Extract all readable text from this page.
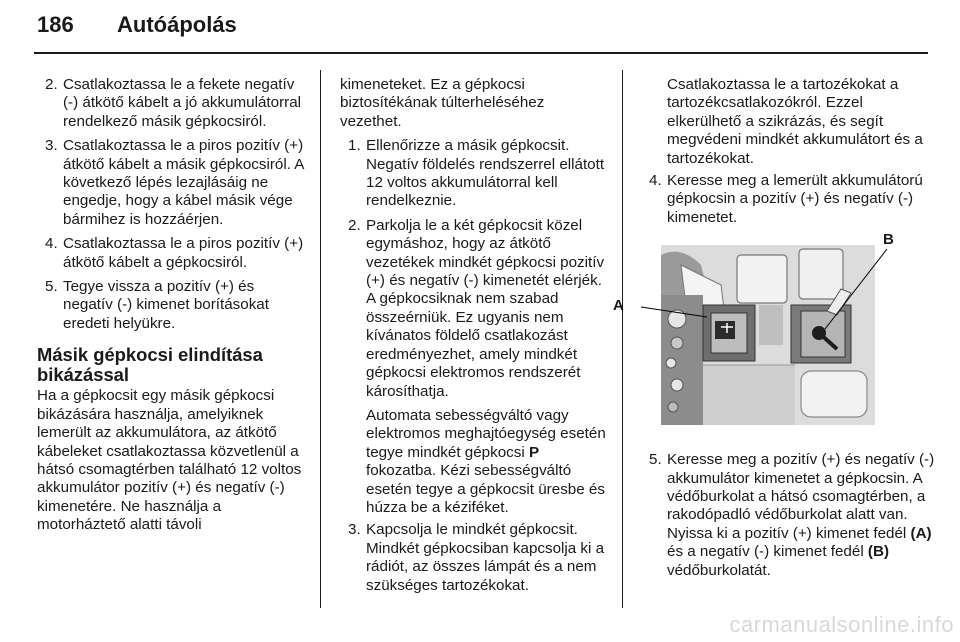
186 Autóápolás
2. Csatlakoztassa le a fekete negatív (-) átkötő kábelt a jó akkumulátorral rendelkező másik gépkocsiról.
3. Csatlakoztassa le a piros pozitív (+) átkötő kábelt a másik gépkocsiról. A következő lépés lezajlásáig ne engedje, hogy a kábel másik vége bármihez is hozzáérjen.
4. Csatlakoztassa le a piros pozitív (+) átkötő kábelt a gépkocsiról.
5. Tegye vissza a pozitív (+) és negatív (-) kimenet borításokat eredeti helyükre.
Másik gépkocsi elindítása bikázással

Ha a gépkocsit egy másik gépkocsi bikázására használja, amelyiknek lemerült az akkumulátora, az átkötő kábeleket csatlakoztassa közvetlenül a hátsó csomagtérben található 12 voltos akkumulátor pozitív (+) és negatív (-) kimenetére. Ne használja a motorháztető alatti távoli

kimeneteket. Ez a gépkocsi biztosítékának túlterheléséhez vezethet.

1. Ellenőrizze a másik gépkocsit. Negatív földelés rendszerrel ellátott 12 voltos akkumulátorral kell rendelkeznie.
2. Parkolja le a két gépkocsit közel egymáshoz, hogy az átkötő vezetékek mindkét gépkocsi pozitív (+) és negatív (-) kimenetét elérjék. A gépkocsiknak nem szabad összeérniük. Ez ugyanis nem kívánatos földelő csatlakozást eredményezhet, amely mindkét gépkocsi elektromos rendszerét károsíthatja.

Automata sebességváltó vagy elektromos meghajtóegység esetén tegye mindkét gépkocsi P fokozatba. Kézi sebességváltó esetén tegye a gépkocsit üresbe és húzza be a kéziféket.

3. Kapcsolja le mindkét gépkocsit. Mindkét gépkocsiban kapcsolja ki a rádiót, az összes lámpát és a nem szükséges tartozékokat.

Csatlakoztassa le a tartozékokat a tartozékcsatlakozókról. Ezzel elkerülhető a szikrázás, és segít megvédeni mindkét akkumulátort és a tartozékokat.

4. Keresse meg a lemerült akkumulátorú gépkocsin a pozitív (+) és negatív (-) kimenetet.
A
B
5. Keresse meg a pozitív (+) és negatív (-) akkumulátor kimenetet a gépkocsin. A védőburkolat a hátsó csomagtérben, a rakodópadló védőburkolat alatt van. Nyissa ki a pozitív (+) kimenet fedél (A) és a negatív (-) kimenet fedél (B) védőburkolatát.
carmanualsonline.info
